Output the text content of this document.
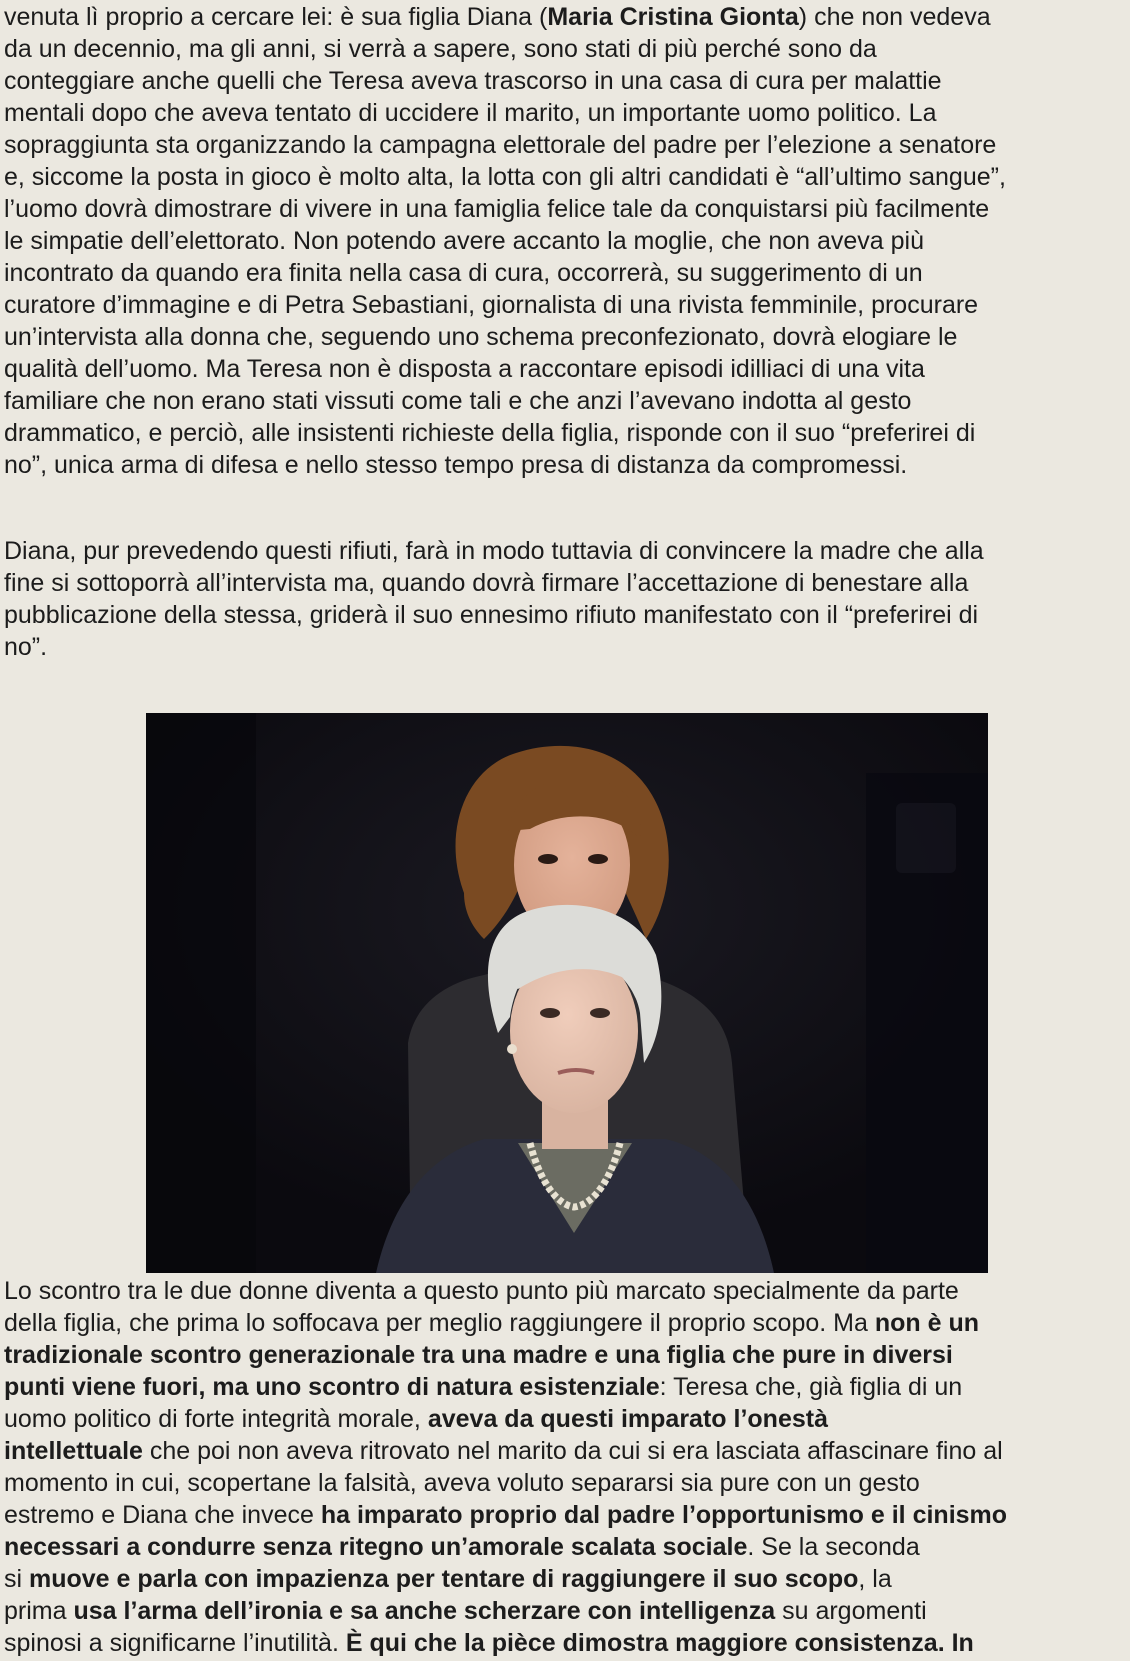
venuta lì proprio a cercare lei: è sua figlia Diana (Maria Cristina Gionta) che non vedeva
da un decennio, ma gli anni, si verrà a sapere, sono stati di più perché sono da
conteggiare anche quelli che Teresa aveva trascorso in una casa di cura per malattie
mentali dopo che aveva tentato di uccidere il marito, un importante uomo politico. La
sopraggiunta sta organizzando la campagna elettorale del padre per l’elezione a senatore
e, siccome la posta in gioco è molto alta, la lotta con gli altri candidati è “all’ultimo sangue”,
l’uomo dovrà dimostrare di vivere in una famiglia felice tale da conquistarsi più facilmente
le simpatie dell’elettorato. Non potendo avere accanto la moglie, che non aveva più
incontrato da quando era finita nella casa di cura, occorrerà, su suggerimento di un
curatore d’immagine e di Petra Sebastiani, giornalista di una rivista femminile, procurare
un’intervista alla donna che, seguendo uno schema preconfezionato, dovrà elogiare le
qualità dell’uomo. Ma Teresa non è disposta a raccontare episodi idilliaci di una vita
familiare che non erano stati vissuti come tali e che anzi l’avevano indotta al gesto
drammatico, e perciò, alle insistenti richieste della figlia, risponde con il suo “preferirei di
no”, unica arma di difesa e nello stesso tempo presa di distanza da compromessi.

Diana, pur prevedendo questi rifiuti, farà in modo tuttavia di convincere la madre che alla
fine si sottoporrà all’intervista ma, quando dovrà firmare l’accettazione di benestare alla
pubblicazione della stessa, griderà il suo ennesimo rifiuto manifestato con il “preferirei di
no”.

Lo scontro tra le due donne diventa a questo punto più marcato specialmente da parte
della figlia, che prima lo soffocava per meglio raggiungere il proprio scopo. Ma non è un
tradizionale scontro generazionale tra una madre e una figlia che pure in diversi
punti viene fuori, ma uno scontro di natura esistenziale: Teresa che, già figlia di un
uomo politico di forte integrità morale, aveva da questi imparato l’onestà
intellettuale che poi non aveva ritrovato nel marito da cui si era lasciata affascinare fino al
momento in cui, scopertane la falsità, aveva voluto separarsi sia pure con un gesto
estremo e Diana che invece ha imparato proprio dal padre l’opportunismo e il cinismo
necessari a condurre senza ritegno un’amorale scalata sociale. Se la seconda
si muove e parla con impazienza per tentare di raggiungere il suo scopo, la
prima usa l’arma dell’ironia e sa anche scherzare con intelligenza su argomenti
spinosi a significarne l’inutilità. È qui che la pièce dimostra maggiore consistenza. In
